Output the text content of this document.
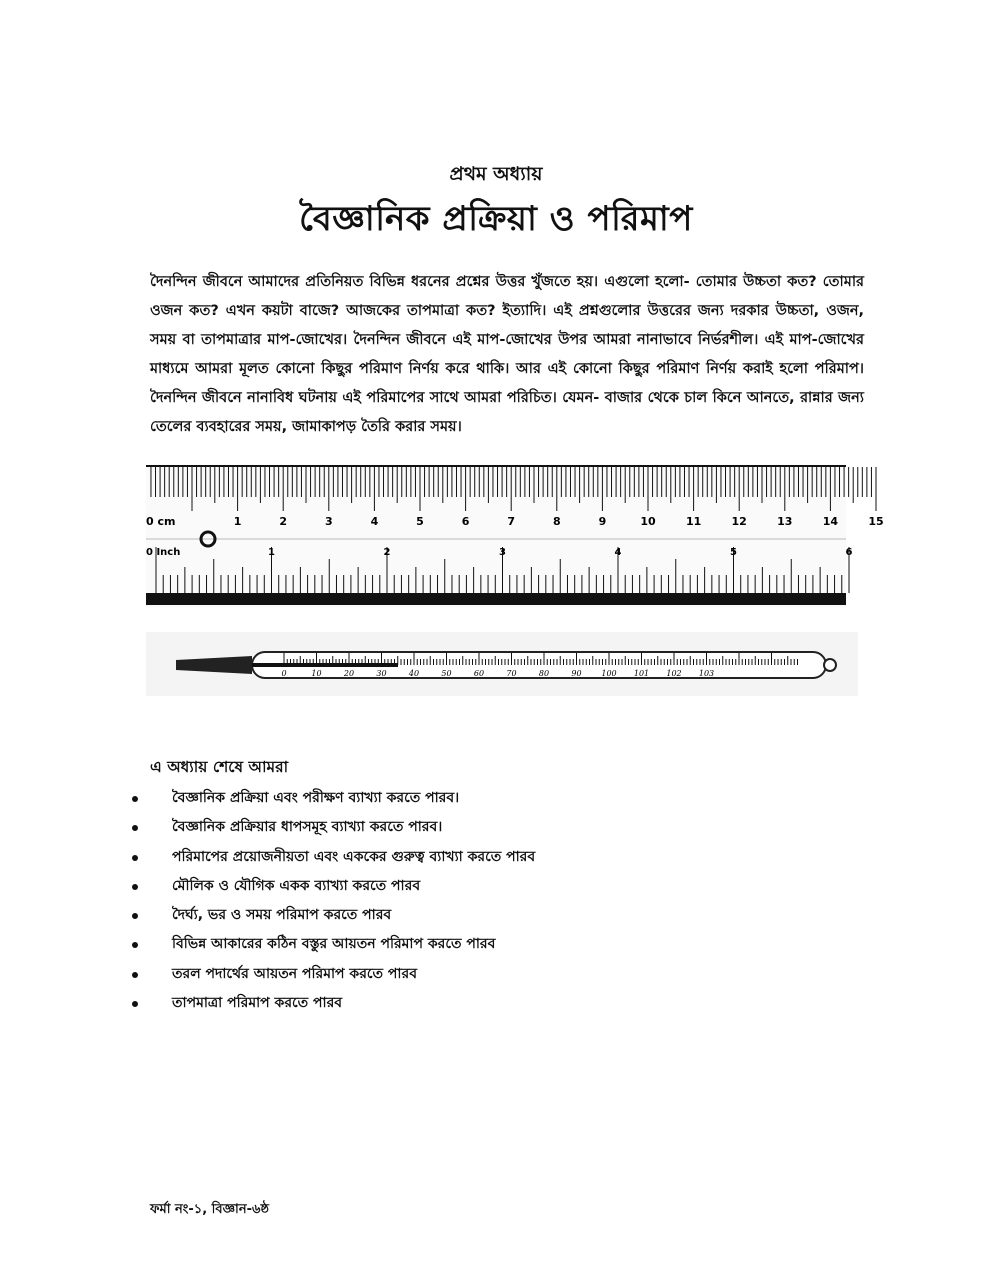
প্রথম অধ্যায়
বৈজ্ঞানিক প্রক্রিয়া ও পরিমাপ

দৈনন্দিন জীবনে আমাদের প্রতিনিয়ত বিভিন্ন ধরনের প্রশ্নের উত্তর খুঁজতে হয়। এগুলো হলো- তোমার উচ্চতা কত? তোমার ওজন কত? এখন কয়টা বাজে? আজকের তাপমাত্রা কত? ইত্যাদি। এই প্রশ্নগুলোর উত্তরের জন্য দরকার উচ্চতা, ওজন, সময় বা তাপমাত্রার মাপ-জোখের। দৈনন্দিন জীবনে এই মাপ-জোখের উপর আমরা নানাভাবে নির্ভরশীল। এই মাপ-জোখের মাধ্যমে আমরা মূলত কোনো কিছুর পরিমাণ নির্ণয় করে থাকি। আর এই কোনো কিছুর পরিমাণ নির্ণয় করাই হলো পরিমাপ। দৈনন্দিন জীবনে নানাবিধ ঘটনায় এই পরিমাপের সাথে আমরা পরিচিত। যেমন- বাজার থেকে চাল কিনে আনতে, রান্নার জন্য তেলের ব্যবহারের সময়, জামাকাপড় তৈরি করার সময়।

0 cm
0 Inch
1	2	3	4	5	6	7	8	9	10	11	12	13	14	15
1	2	3	4	5	6
0	10	20	30	40	50	60	70	80	90 100 101 102 103
এ অধ্যায় শেষে আমরা
বৈজ্ঞানিক প্রক্রিয়া এবং পরীক্ষণ ব্যাখ্যা করতে পারব।
বৈজ্ঞানিক প্রক্রিয়ার ধাপসমূহ ব্যাখ্যা করতে পারব।
পরিমাপের প্রয়োজনীয়তা এবং এককের গুরুত্ব ব্যাখ্যা করতে পারব
মৌলিক ও যৌগিক একক ব্যাখ্যা করতে পারব
দৈর্ঘ্য, ভর ও সময় পরিমাপ করতে পারব
বিভিন্ন আকারের কঠিন বস্তুর আয়তন পরিমাপ করতে পারব
তরল পদার্থের আয়তন পরিমাপ করতে পারব
তাপমাত্রা পরিমাপ করতে পারব
ফর্মা নং-১, বিজ্ঞান-৬ষ্ঠ
